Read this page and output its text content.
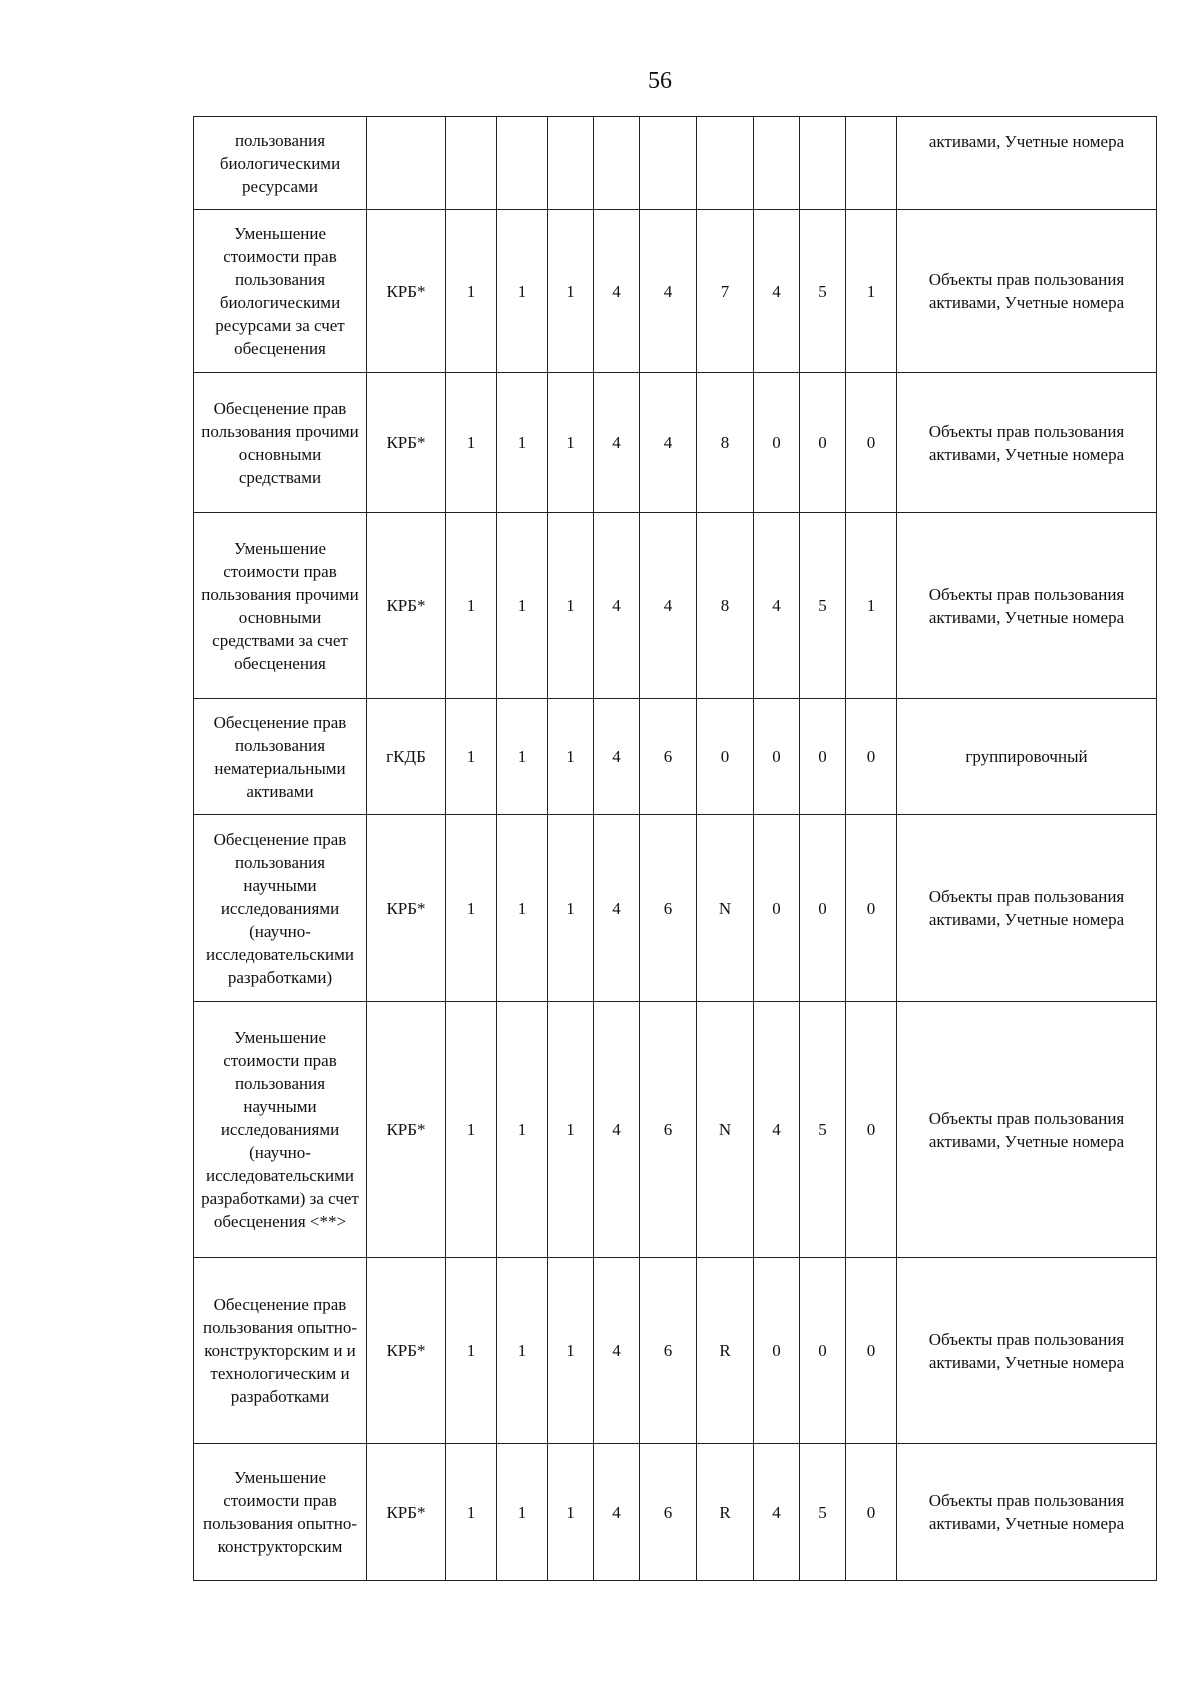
56
пользования биологическими ресурсами											активами, Учетные номера
Уменьшение стоимости прав пользования биологическими ресурсами за счет обесценения	КРБ*	1	1	1	4	4	7	4	5	1	Объекты прав пользования активами, Учетные номера
Обесценение прав пользования прочими основными средствами	КРБ*	1	1	1	4	4	8	0	0	0	Объекты прав пользования активами, Учетные номера
Уменьшение стоимости прав пользования прочими основными средствами за счет обесценения	КРБ*	1	1	1	4	4	8	4	5	1	Объекты прав пользования активами, Учетные номера
Обесценение прав пользования нематериальными активами	гКДБ	1	1	1	4	6	0	0	0	0	группировочный
Обесценение прав пользования научными исследованиями (научно-исследовательскими разработками)	КРБ*	1	1	1	4	6	N	0	0	0	Объекты прав пользования активами, Учетные номера
Уменьшение стоимости прав пользования научными исследованиями (научно-исследовательскими разработками) за счет обесценения <**>	КРБ*	1	1	1	4	6	N	4	5	0	Объекты прав пользования активами, Учетные номера
Обесценение прав пользования опытно-конструкторским и и технологическим и разработками	КРБ*	1	1	1	4	6	R	0	0	0	Объекты прав пользования активами, Учетные номера
Уменьшение стоимости прав пользования опытно-конструкторским	КРБ*	1	1	1	4	6	R	4	5	0	Объекты прав пользования активами, Учетные номера
